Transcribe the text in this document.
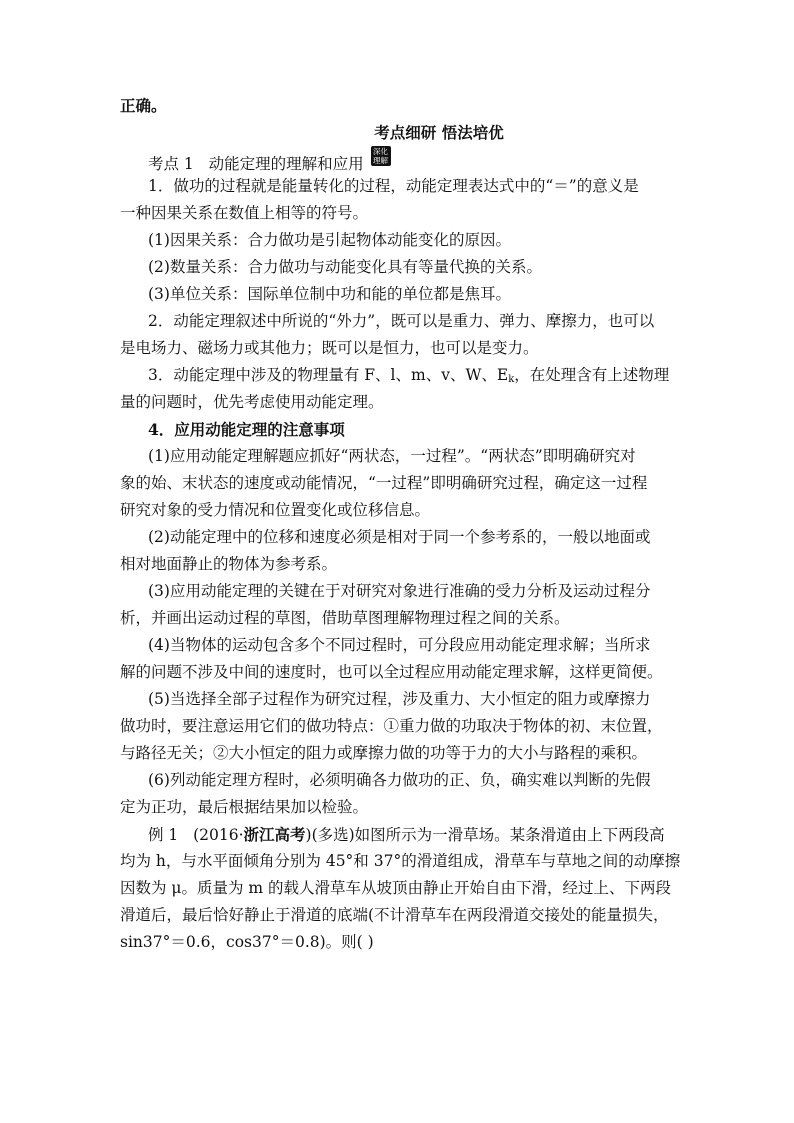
正确。
考点细研 悟法培优
考点 1 动能定理的理解和应用
深化
理解
1．做功的过程就是能量转化的过程，动能定理表达式中的“＝”的意义是
一种因果关系在数值上相等的符号。
(1)因果关系：合力做功是引起物体动能变化的原因。
(2)数量关系：合力做功与动能变化具有等量代换的关系。
(3)单位关系：国际单位制中功和能的单位都是焦耳。
2．动能定理叙述中所说的“外力”，既可以是重力、弹力、摩擦力，也可以
是电场力、磁场力或其他力；既可以是恒力，也可以是变力。
3．动能定理中涉及的物理量有 F、l、m、v、W、$E_k$，在处理含有上述物理
量的问题时，优先考虑使用动能定理。
4．应用动能定理的注意事项
(1)应用动能定理解题应抓好“两状态，一过程”。“两状态”即明确研究对
象的始、末状态的速度或动能情况，“一过程”即明确研究过程，确定这一过程
研究对象的受力情况和位置变化或位移信息。
(2)动能定理中的位移和速度必须是相对于同一个参考系的，一般以地面或
相对地面静止的物体为参考系。
(3)应用动能定理的关键在于对研究对象进行准确的受力分析及运动过程分
析，并画出运动过程的草图，借助草图理解物理过程之间的关系。
(4)当物体的运动包含多个不同过程时，可分段应用动能定理求解；当所求
解的问题不涉及中间的速度时，也可以全过程应用动能定理求解，这样更简便。
(5)当选择全部子过程作为研究过程，涉及重力、大小恒定的阻力或摩擦力
做功时，要注意运用它们的做功特点：①重力做的功取决于物体的初、末位置，
与路径无关；②大小恒定的阻力或摩擦力做的功等于力的大小与路程的乘积。
(6)列动能定理方程时，必须明确各力做功的正、负，确实难以判断的先假
定为正功，最后根据结果加以检验。
例 1 (2016·浙江高考)(多选)如图所示为一滑草场。某条滑道由上下两段高
均为 h，与水平面倾角分别为 45°和 37°的滑道组成，滑草车与草地之间的动摩擦
因数为 μ。质量为 m 的载人滑草车从坡顶由静止开始自由下滑，经过上、下两段
滑道后，最后恰好静止于滑道的底端(不计滑草车在两段滑道交接处的能量损失，
sin37°＝0.6，cos37°＝0.8)。则( )
